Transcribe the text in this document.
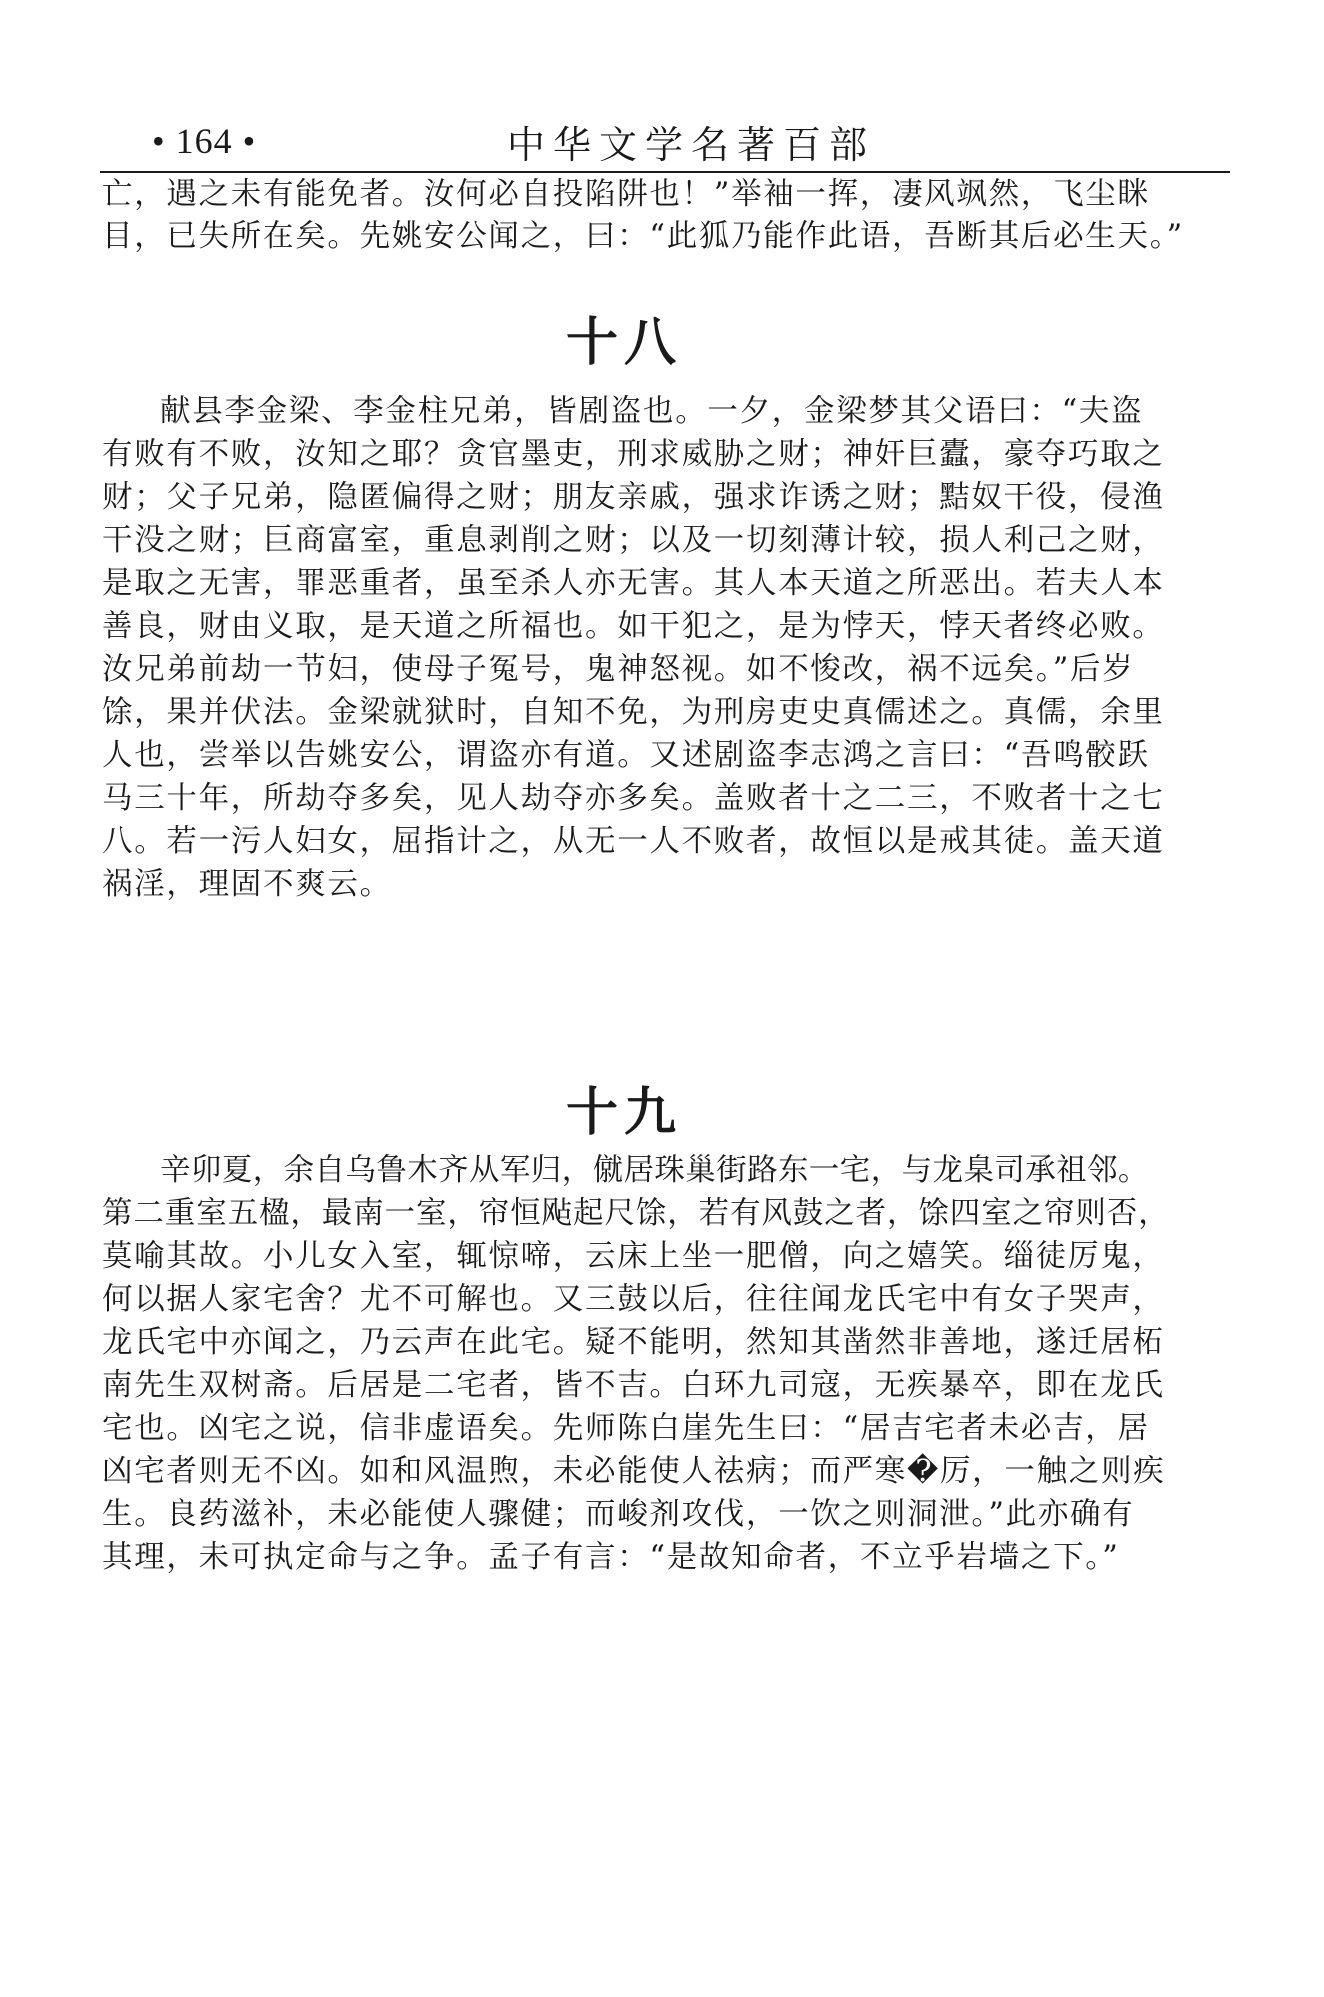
• 164 •	中华文学名著百部
亡，遇之未有能免者。汝何必自投陷阱也！”举袖一挥，凄风飒然，飞尘眯
目，已失所在矣。先姚安公闻之，曰：“此狐乃能作此语，吾断其后必生天。”
十八
献县李金梁、李金柱兄弟，皆剧盗也。一夕，金梁梦其父语曰：“夫盗
有败有不败，汝知之耶？贪官墨吏，刑求威胁之财；神奸巨蠹，豪夺巧取之
财；父子兄弟，隐匿偏得之财；朋友亲戚，强求诈诱之财；黠奴干役，侵渔
干没之财；巨商富室，重息剥削之财；以及一切刻薄计较，损人利己之财，
是取之无害，罪恶重者，虽至杀人亦无害。其人本天道之所恶出。若夫人本
善良，财由义取，是天道之所福也。如干犯之，是为悖天，悖天者终必败。
汝兄弟前劫一节妇，使母子冤号，鬼神怒视。如不悛改，祸不远矣。”后岁
馀，果并伏法。金梁就狱时，自知不免，为刑房吏史真儒述之。真儒，余里
人也，尝举以告姚安公，谓盗亦有道。又述剧盗李志鸿之言曰：“吾鸣骹跃
马三十年，所劫夺多矣，见人劫夺亦多矣。盖败者十之二三，不败者十之七
八。若一污人妇女，屈指计之，从无一人不败者，故恒以是戒其徒。盖天道
祸淫，理固不爽云。
十九
辛卯夏，余自乌鲁木齐从军归，僦居珠巢街路东一宅，与龙臬司承祖邻。
第二重室五楹，最南一室，帘恒飐起尺馀，若有风鼓之者，馀四室之帘则否，
莫喻其故。小儿女入室，辄惊啼，云床上坐一肥僧，向之嬉笑。缁徒厉鬼，
何以据人家宅舍？尤不可解也。又三鼓以后，往往闻龙氏宅中有女子哭声，
龙氏宅中亦闻之，乃云声在此宅。疑不能明，然知其凿然非善地，遂迁居柘
南先生双树斋。后居是二宅者，皆不吉。白环九司寇，无疾暴卒，即在龙氏
宅也。凶宅之说，信非虚语矣。先师陈白崖先生曰：“居吉宅者未必吉，居
凶宅者则无不凶。如和风温煦，未必能使人祛病；而严寒�厉，一触之则疾
生。良药滋补，未必能使人骤健；而峻剂攻伐，一饮之则洞泄。”此亦确有
其理，未可执定命与之争。孟子有言：“是故知命者，不立乎岩墙之下。”
